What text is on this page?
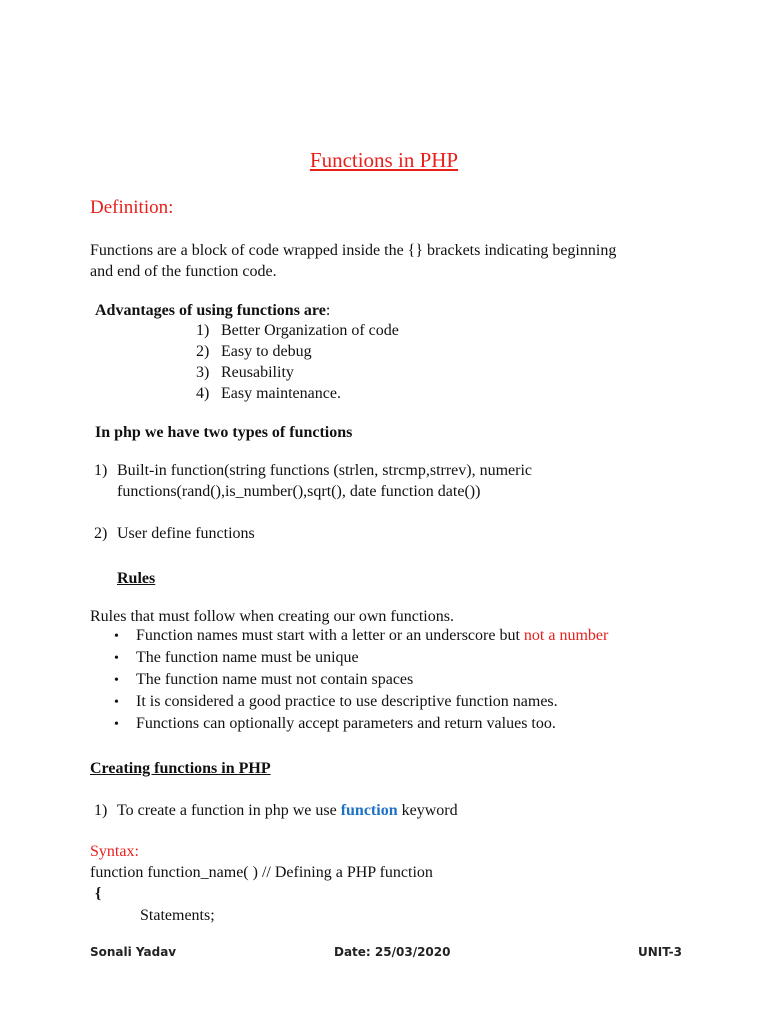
Functions in PHP
Definition:
Functions are a block of code wrapped inside the {} brackets indicating beginning
and end of the function code.
Advantages of using functions are:
1) Better Organization of code
2) Easy to debug
3) Reusability
4) Easy maintenance.
In php we have two types of functions
1) Built-in function(string functions (strlen, strcmp,strrev), numeric
functions(rand(),is_number(),sqrt(), date function date())
2) User define functions
Rules
Rules that must follow when creating our own functions.
• Function names must start with a letter or an underscore but not a number
• The function name must be unique
• The function name must not contain spaces
• It is considered a good practice to use descriptive function names.
• Functions can optionally accept parameters and return values too.
Creating functions in PHP
1) To create a function in php we use function keyword
Syntax:
function function_name( ) // Defining a PHP function
{
Statements;
Sonali Yadav	Date: 25/03/2020	UNIT-3
